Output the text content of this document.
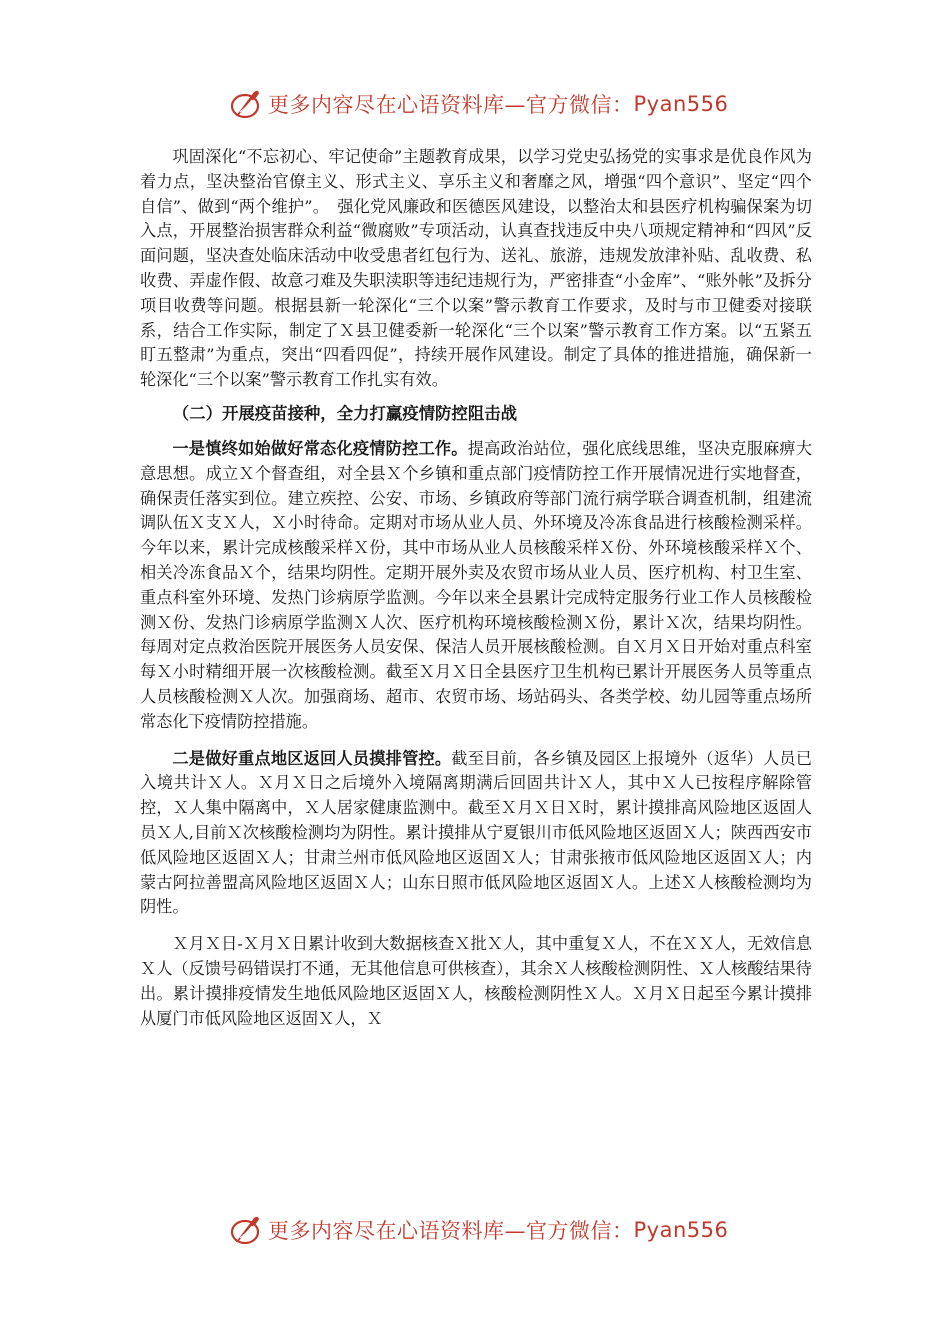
更多内容尽在心语资料库—官方微信： Pyan556

巩固深化“不忘初心、牢记使命”主题教育成果，以学习党史弘扬党的实事求是优良作风为着力点，坚决整治官僚主义、形式主义、享乐主义和奢靡之风，增强“四个意识”、坚定“四个自信”、做到“两个维护”。　强化党风廉政和医德医风建设，以整治太和县医疗机构骗保案为切入点，开展整治损害群众利益“微腐败”专项活动，认真查找违反中央八项规定精神和“四风”反面问题，坚决查处临床活动中收受患者红包行为、送礼、旅游，违规发放津补贴、乱收费、私收费、弄虚作假、故意刁难及失职渎职等违纪违规行为，严密排查“小金库”、“账外帐”及拆分项目收费等问题。根据县新一轮深化“三个以案”警示教育工作要求，及时与市卫健委对接联系，结合工作实际，制定了Ｘ县卫健委新一轮深化“三个以案”警示教育工作方案。以“五紧五盯五整肃”为重点，突出“四看四促”，持续开展作风建设。制定了具体的推进措施，确保新一轮深化“三个以案”警示教育工作扎实有效。

（二）开展疫苗接种，全力打赢疫情防控阻击战

一是慎终如始做好常态化疫情防控工作。提高政治站位，强化底线思维，坚决克服麻痹大意思想。成立Ｘ个督查组，对全县Ｘ个乡镇和重点部门疫情防控工作开展情况进行实地督查，确保责任落实到位。建立疾控、公安、市场、乡镇政府等部门流行病学联合调查机制，组建流调队伍Ｘ支Ｘ人，Ｘ小时待命。定期对市场从业人员、外环境及冷冻食品进行核酸检测采样。今年以来，累计完成核酸采样Ｘ份，其中市场从业人员核酸采样Ｘ份、外环境核酸采样Ｘ个、相关冷冻食品Ｘ个，结果均阴性。定期开展外卖及农贸市场从业人员、医疗机构、村卫生室、重点科室外环境、发热门诊病原学监测。今年以来全县累计完成特定服务行业工作人员核酸检测Ｘ份、发热门诊病原学监测Ｘ人次、医疗机构环境核酸检测Ｘ份，累计Ｘ次，结果均阴性。每周对定点救治医院开展医务人员安保、保洁人员开展核酸检测。自Ｘ月Ｘ日开始对重点科室每Ｘ小时精细开展一次核酸检测。截至Ｘ月Ｘ日全县医疗卫生机构已累计开展医务人员等重点人员核酸检测Ｘ人次。加强商场、超市、农贸市场、场站码头、各类学校、幼儿园等重点场所常态化下疫情防控措施。

二是做好重点地区返回人员摸排管控。截至目前，各乡镇及园区上报境外（返华）人员已入境共计Ｘ人。Ｘ月Ｘ日之后境外入境隔离期满后回固共计Ｘ人，其中Ｘ人已按程序解除管控，Ｘ人集中隔离中，Ｘ人居家健康监测中。截至Ｘ月Ｘ日Ｘ时，累计摸排高风险地区返固人员Ｘ人,目前Ｘ次核酸检测均为阴性。累计摸排从宁夏银川市低风险地区返固Ｘ人；陕西西安市低风险地区返固Ｘ人；甘肃兰州市低风险地区返固Ｘ人；甘肃张掖市低风险地区返固Ｘ人；内蒙古阿拉善盟高风险地区返固Ｘ人；山东日照市低风险地区返固Ｘ人。上述Ｘ人核酸检测均为阴性。

Ｘ月Ｘ日-Ｘ月Ｘ日累计收到大数据核查Ｘ批Ｘ人，其中重复Ｘ人，不在ＸＸ人，无效信息Ｘ人（反馈号码错误打不通，无其他信息可供核查），其余Ｘ人核酸检测阴性、Ｘ人核酸结果待出。累计摸排疫情发生地低风险地区返固Ｘ人，核酸检测阴性Ｘ人。Ｘ月Ｘ日起至今累计摸排从厦门市低风险地区返固Ｘ人，Ｘ

更多内容尽在心语资料库—官方微信： Pyan556
